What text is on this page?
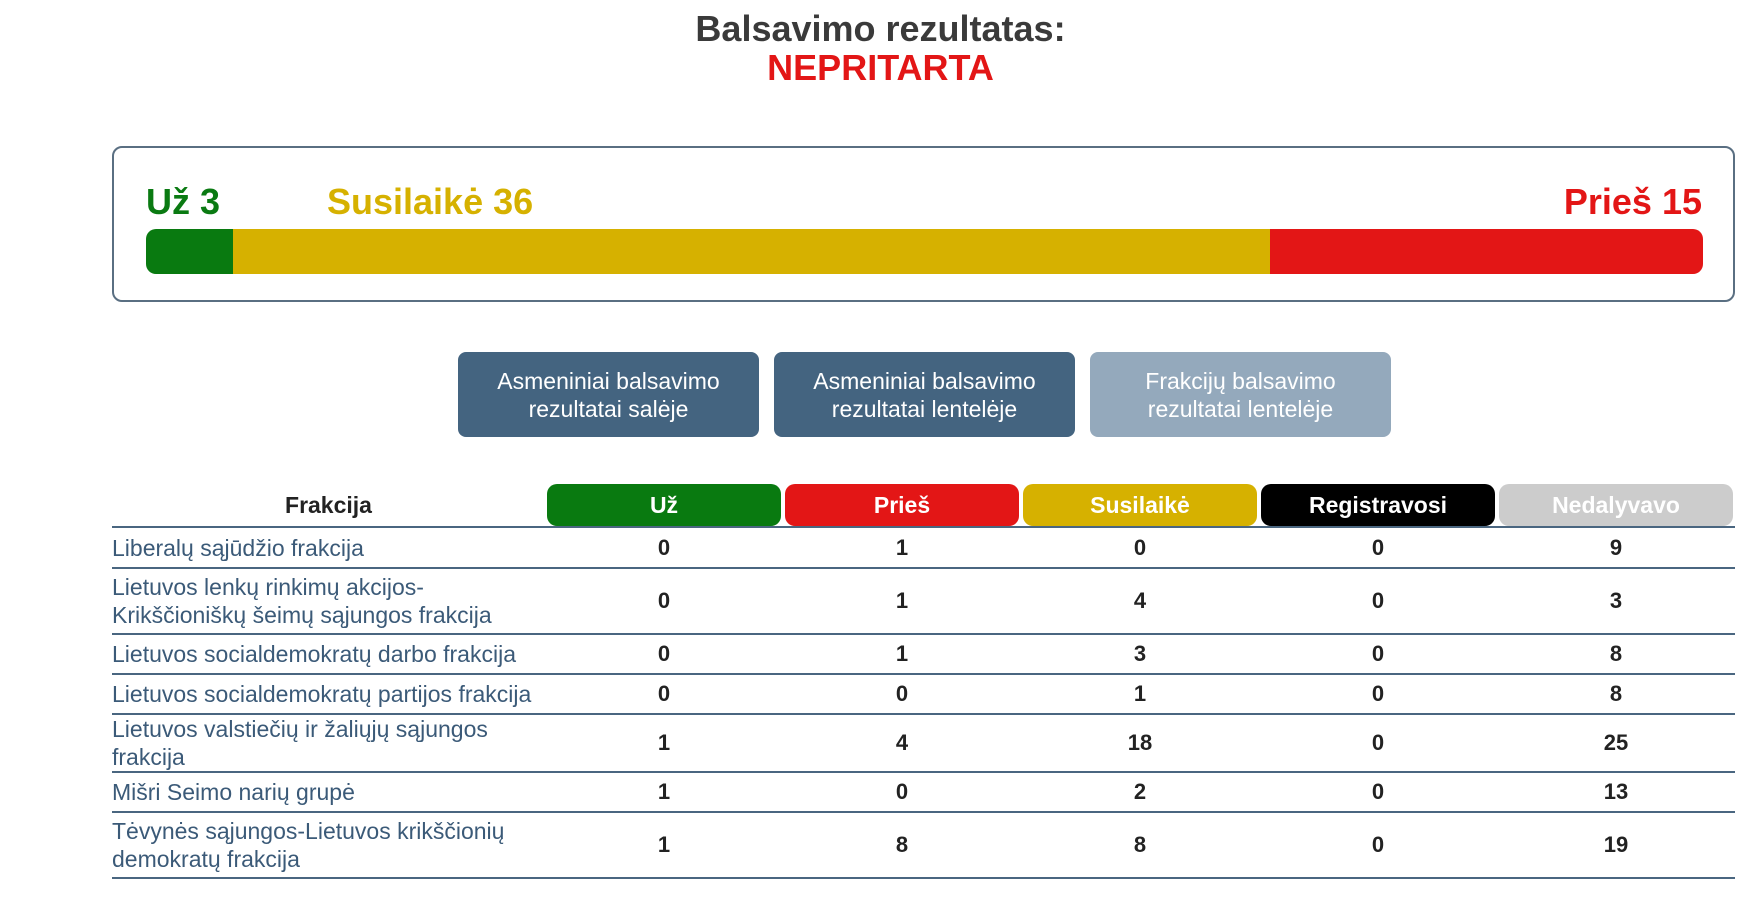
Balsavimo rezultatas:
NEPRITARTA
Už 3	Susilaikė 36	Prieš 15
Asmeniniai balsavimo rezultatai salėje
Asmeniniai balsavimo rezultatai lentelėje
Frakcijų balsavimo rezultatai lentelėje
Frakcija	Už	Prieš	Susilaikė	Registravosi	Nedalyvavo

Liberalų sąjūdžio frakcija	0	1	0	0	9
Lietuvos lenkų rinkimų akcijos-Krikščioniškų šeimų sąjungos frakcija	0	1	4	0	3
Lietuvos socialdemokratų darbo frakcija	0	1	3	0	8
Lietuvos socialdemokratų partijos frakcija	0	0	1	0	8
Lietuvos valstiečių ir žaliųjų sąjungos frakcija	1	4	18	0	25
Mišri Seimo narių grupė	1	0	2	0	13
Tėvynės sąjungos-Lietuvos krikščionių demokratų frakcija	1	8	8	0	19
